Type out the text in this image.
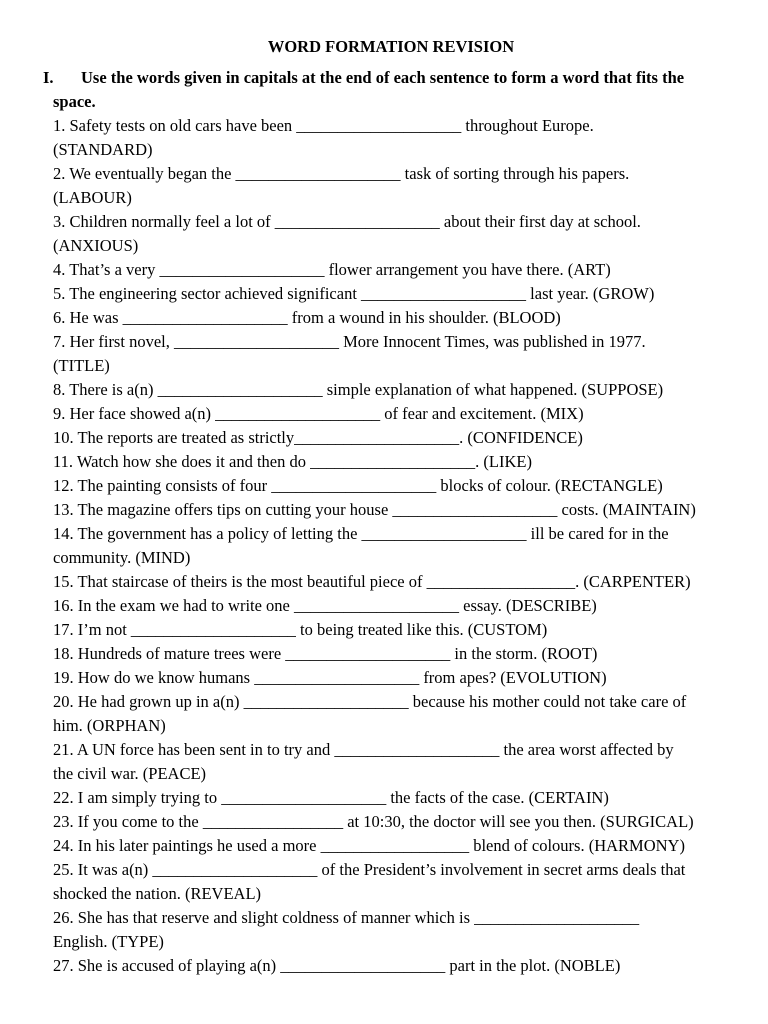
WORD FORMATION REVISION
I.	Use the words given in capitals at the end of each sentence to form a word that fits the
space.
1. Safety tests on old cars have been ____________________ throughout Europe.
(STANDARD)
2. We eventually began the ____________________ task of sorting through his papers.
(LABOUR)
3. Children normally feel a lot of ____________________ about their first day at school.
(ANXIOUS)
4. That’s a very ____________________ flower arrangement you have there. (ART)
5. The engineering sector achieved significant ____________________ last year. (GROW)
6. He was ____________________ from a wound in his shoulder. (BLOOD)
7. Her first novel, ____________________ More Innocent Times, was published in 1977.
(TITLE)
8. There is a(n) ____________________ simple explanation of what happened. (SUPPOSE)
9. Her face showed a(n) ____________________ of fear and excitement. (MIX)
10. The reports are treated as strictly____________________. (CONFIDENCE)
11. Watch how she does it and then do ____________________. (LIKE)
12. The painting consists of four ____________________ blocks of colour. (RECTANGLE)
13. The magazine offers tips on cutting your house ____________________ costs. (MAINTAIN)
14. The government has a policy of letting the ____________________ ill be cared for in the
community. (MIND)
15. That staircase of theirs is the most beautiful piece of __________________. (CARPENTER)
16. In the exam we had to write one ____________________ essay. (DESCRIBE)
17. I’m not ____________________ to being treated like this. (CUSTOM)
18. Hundreds of mature trees were ____________________ in the storm. (ROOT)
19. How do we know humans ____________________ from apes? (EVOLUTION)
20. He had grown up in a(n) ____________________ because his mother could not take care of
him. (ORPHAN)
21. A UN force has been sent in to try and ____________________ the area worst affected by
the civil war. (PEACE)
22. I am simply trying to ____________________ the facts of the case. (CERTAIN)
23. If you come to the _________________ at 10:30, the doctor will see you then. (SURGICAL)
24. In his later paintings he used a more __________________ blend of colours. (HARMONY)
25. It was a(n) ____________________ of the President’s involvement in secret arms deals that
shocked the nation. (REVEAL)
26. She has that reserve and slight coldness of manner which is ____________________
English. (TYPE)
27. She is accused of playing a(n) ____________________ part in the plot. (NOBLE)
